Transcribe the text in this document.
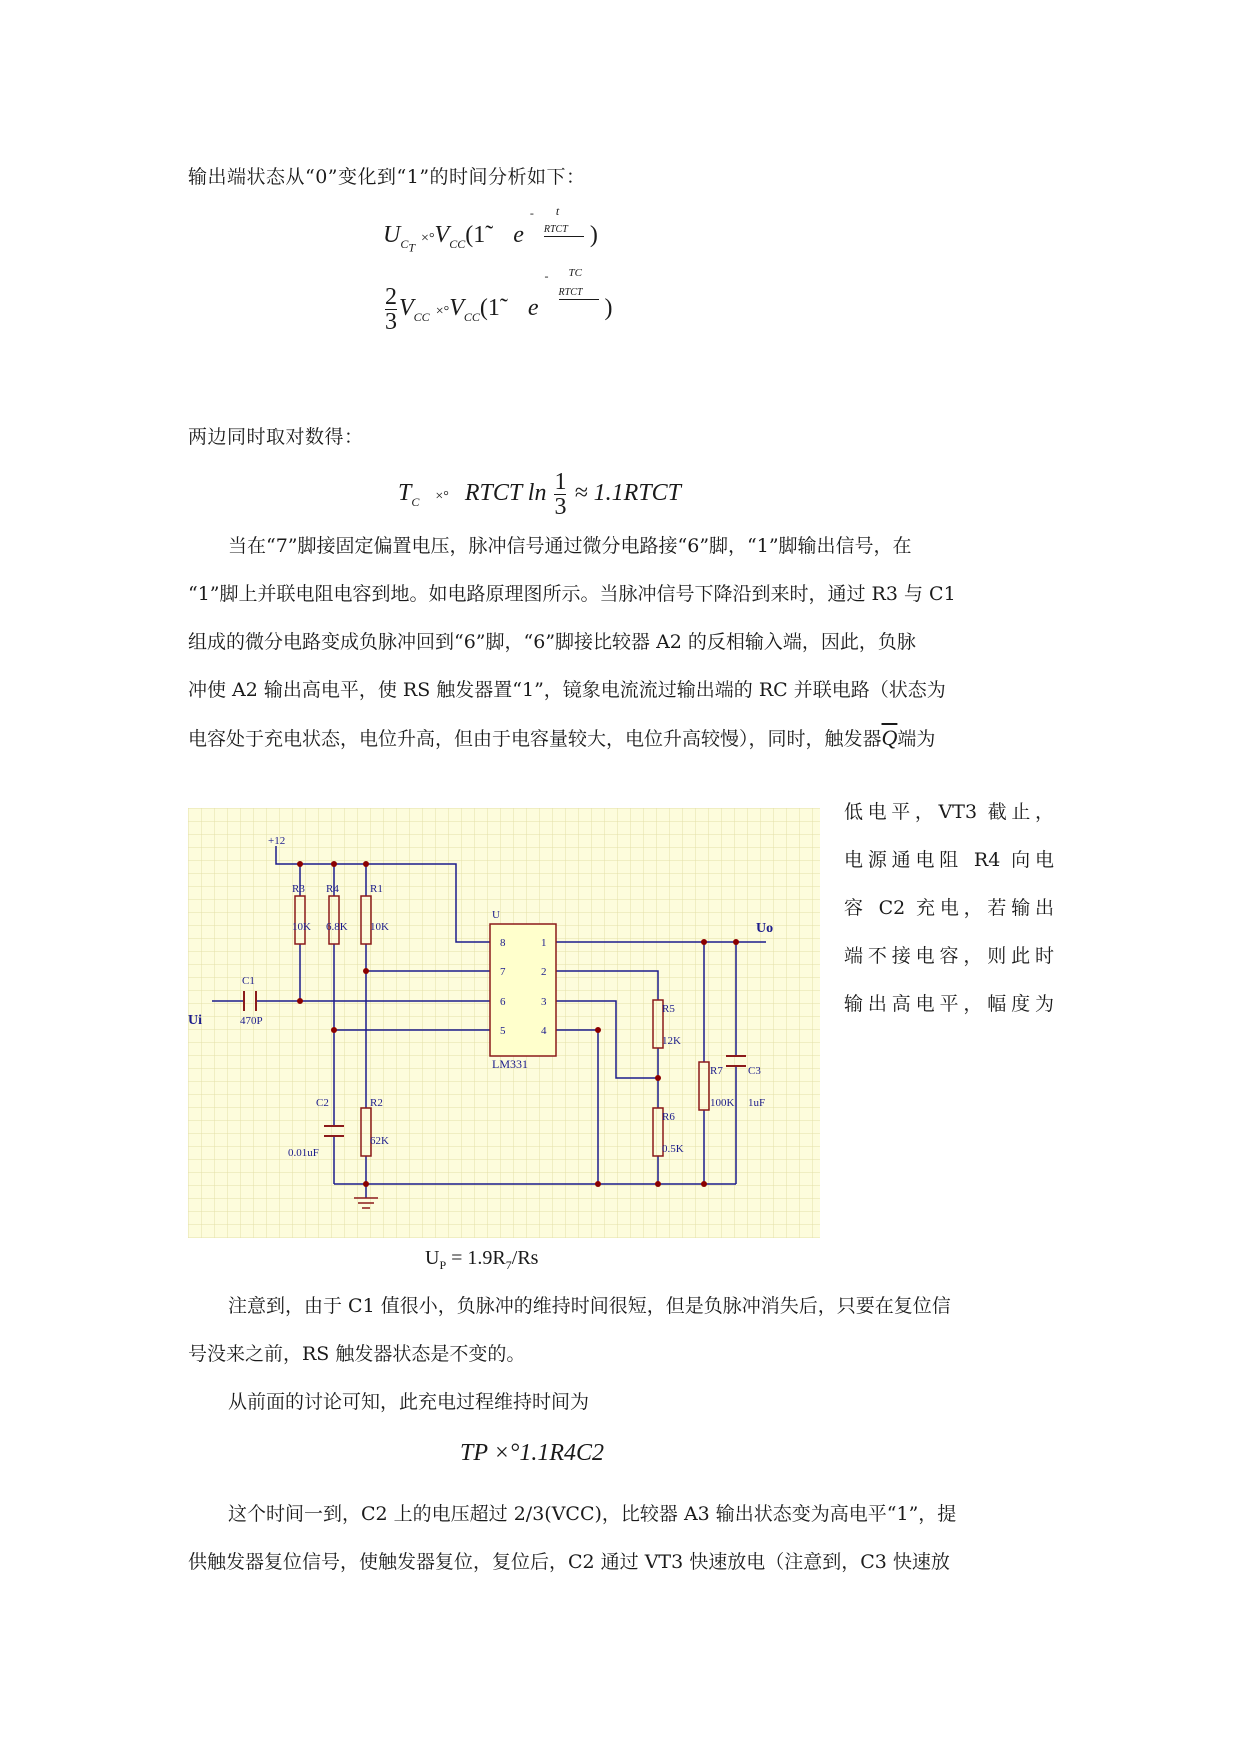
输出端状态从“0”变化到“1”的时间分析如下：
$U_{C_T}$ $\times^\circ V_{CC}(1̃$ e
- t
RTCT )
$\frac{2}{3} V_{CC}$ $\times^\circ V_{CC}(1̃$ e
- TC
RTCT
)
两边同时取对数得：
$T_C$ ×° RTCT $\ln \frac{1}{3}$ ≈ 1.1RTCT

当在“7”脚接固定偏置电压，脉冲信号通过微分电路接“6”脚，“1”脚输出信号，在

“1”脚上并联电阻电容到地。如电路原理图所示。当脉冲信号下降沿到来时，通过 R3 与 C1

组成的微分电路变成负脉冲回到“6”脚，“6”脚接比较器 A2 的反相输入端，因此，负脉

冲使 A2 输出高电平，使 RS 触发器置“1”，镜象电流流过输出端的 RC 并联电路（状态为

电容处于充电状态，电位升高，但由于电容量较大，电位升高较慢），同时，触发器$\overline{Q}$端为

+12
U
LM331
8
7
6
5
1
2
3
4
Ui
Uo
R3
10K
R4
6.8K
R1
10K
C1
470P
C2
0.01uF
R2
62K
R5
12K
R6
0.5K
R7
100K
C3
1uF
低电平，VT3 截止，
电源通电阻 R4 向电
容 C2 充电，若输出
端不接电容，则此时
输出高电平，幅度为
$U_P = 1.9R_7/Rs$

注意到，由于 C1 值很小，负脉冲的维持时间很短，但是负脉冲消失后，只要在复位信

号没来之前，RS 触发器状态是不变的。

从前面的讨论可知，此充电过程维持时间为

TP ×°1.1R4C2

这个时间一到，C2 上的电压超过 2/3(VCC)，比较器 A3 输出状态变为高电平“1”，提

供触发器复位信号，使触发器复位，复位后，C2 通过 VT3 快速放电（注意到，C3 快速放
